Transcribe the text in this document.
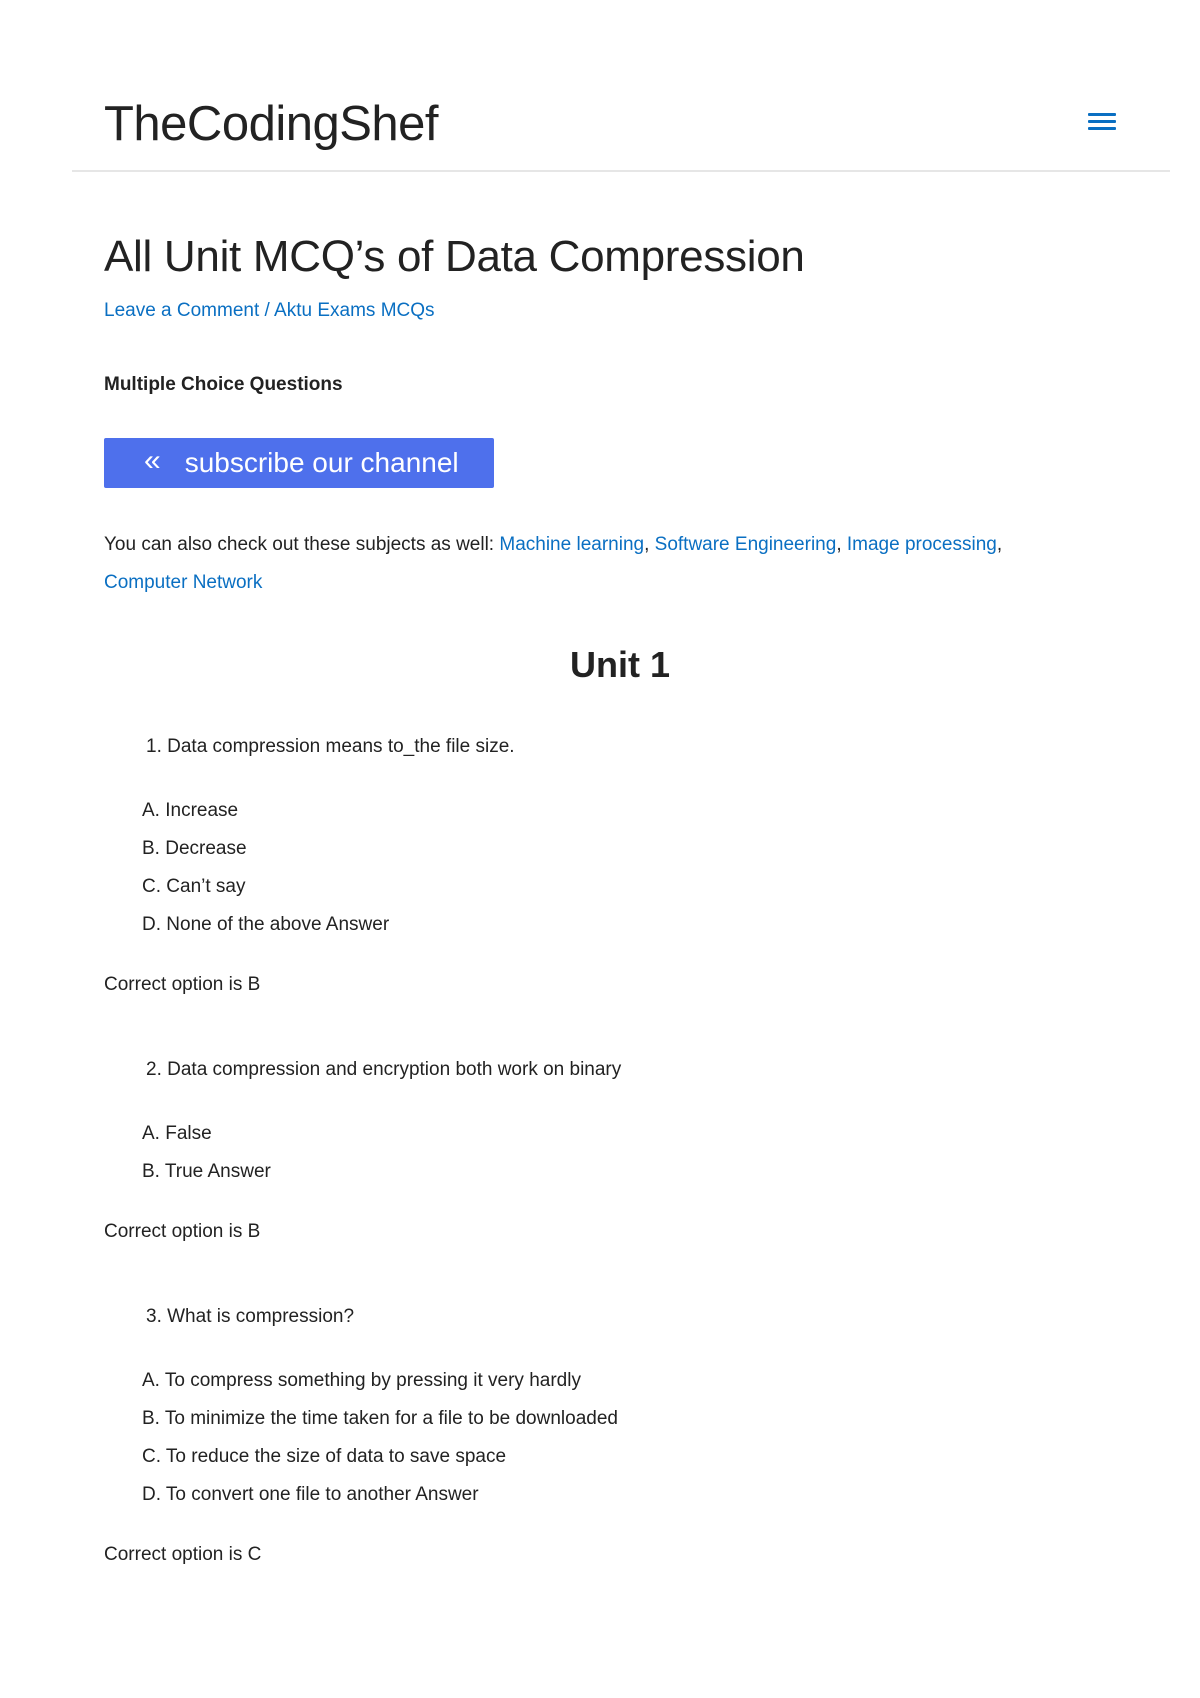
TheCodingShef
All Unit MCQ’s of Data Compression
Leave a Comment / Aktu Exams MCQs
Multiple Choice Questions
« subscribe our channel

You can also check out these subjects as well: Machine learning, Software Engineering, Image processing,
Computer Network

Unit 1
1. Data compression means to_the file size.
A. Increase
B. Decrease
C. Can’t say
D. None of the above Answer
Correct option is B
2. Data compression and encryption both work on binary
A. False
B. True Answer
Correct option is B
3. What is compression?
A. To compress something by pressing it very hardly
B. To minimize the time taken for a file to be downloaded
C. To reduce the size of data to save space
D. To convert one file to another Answer
Correct option is C
